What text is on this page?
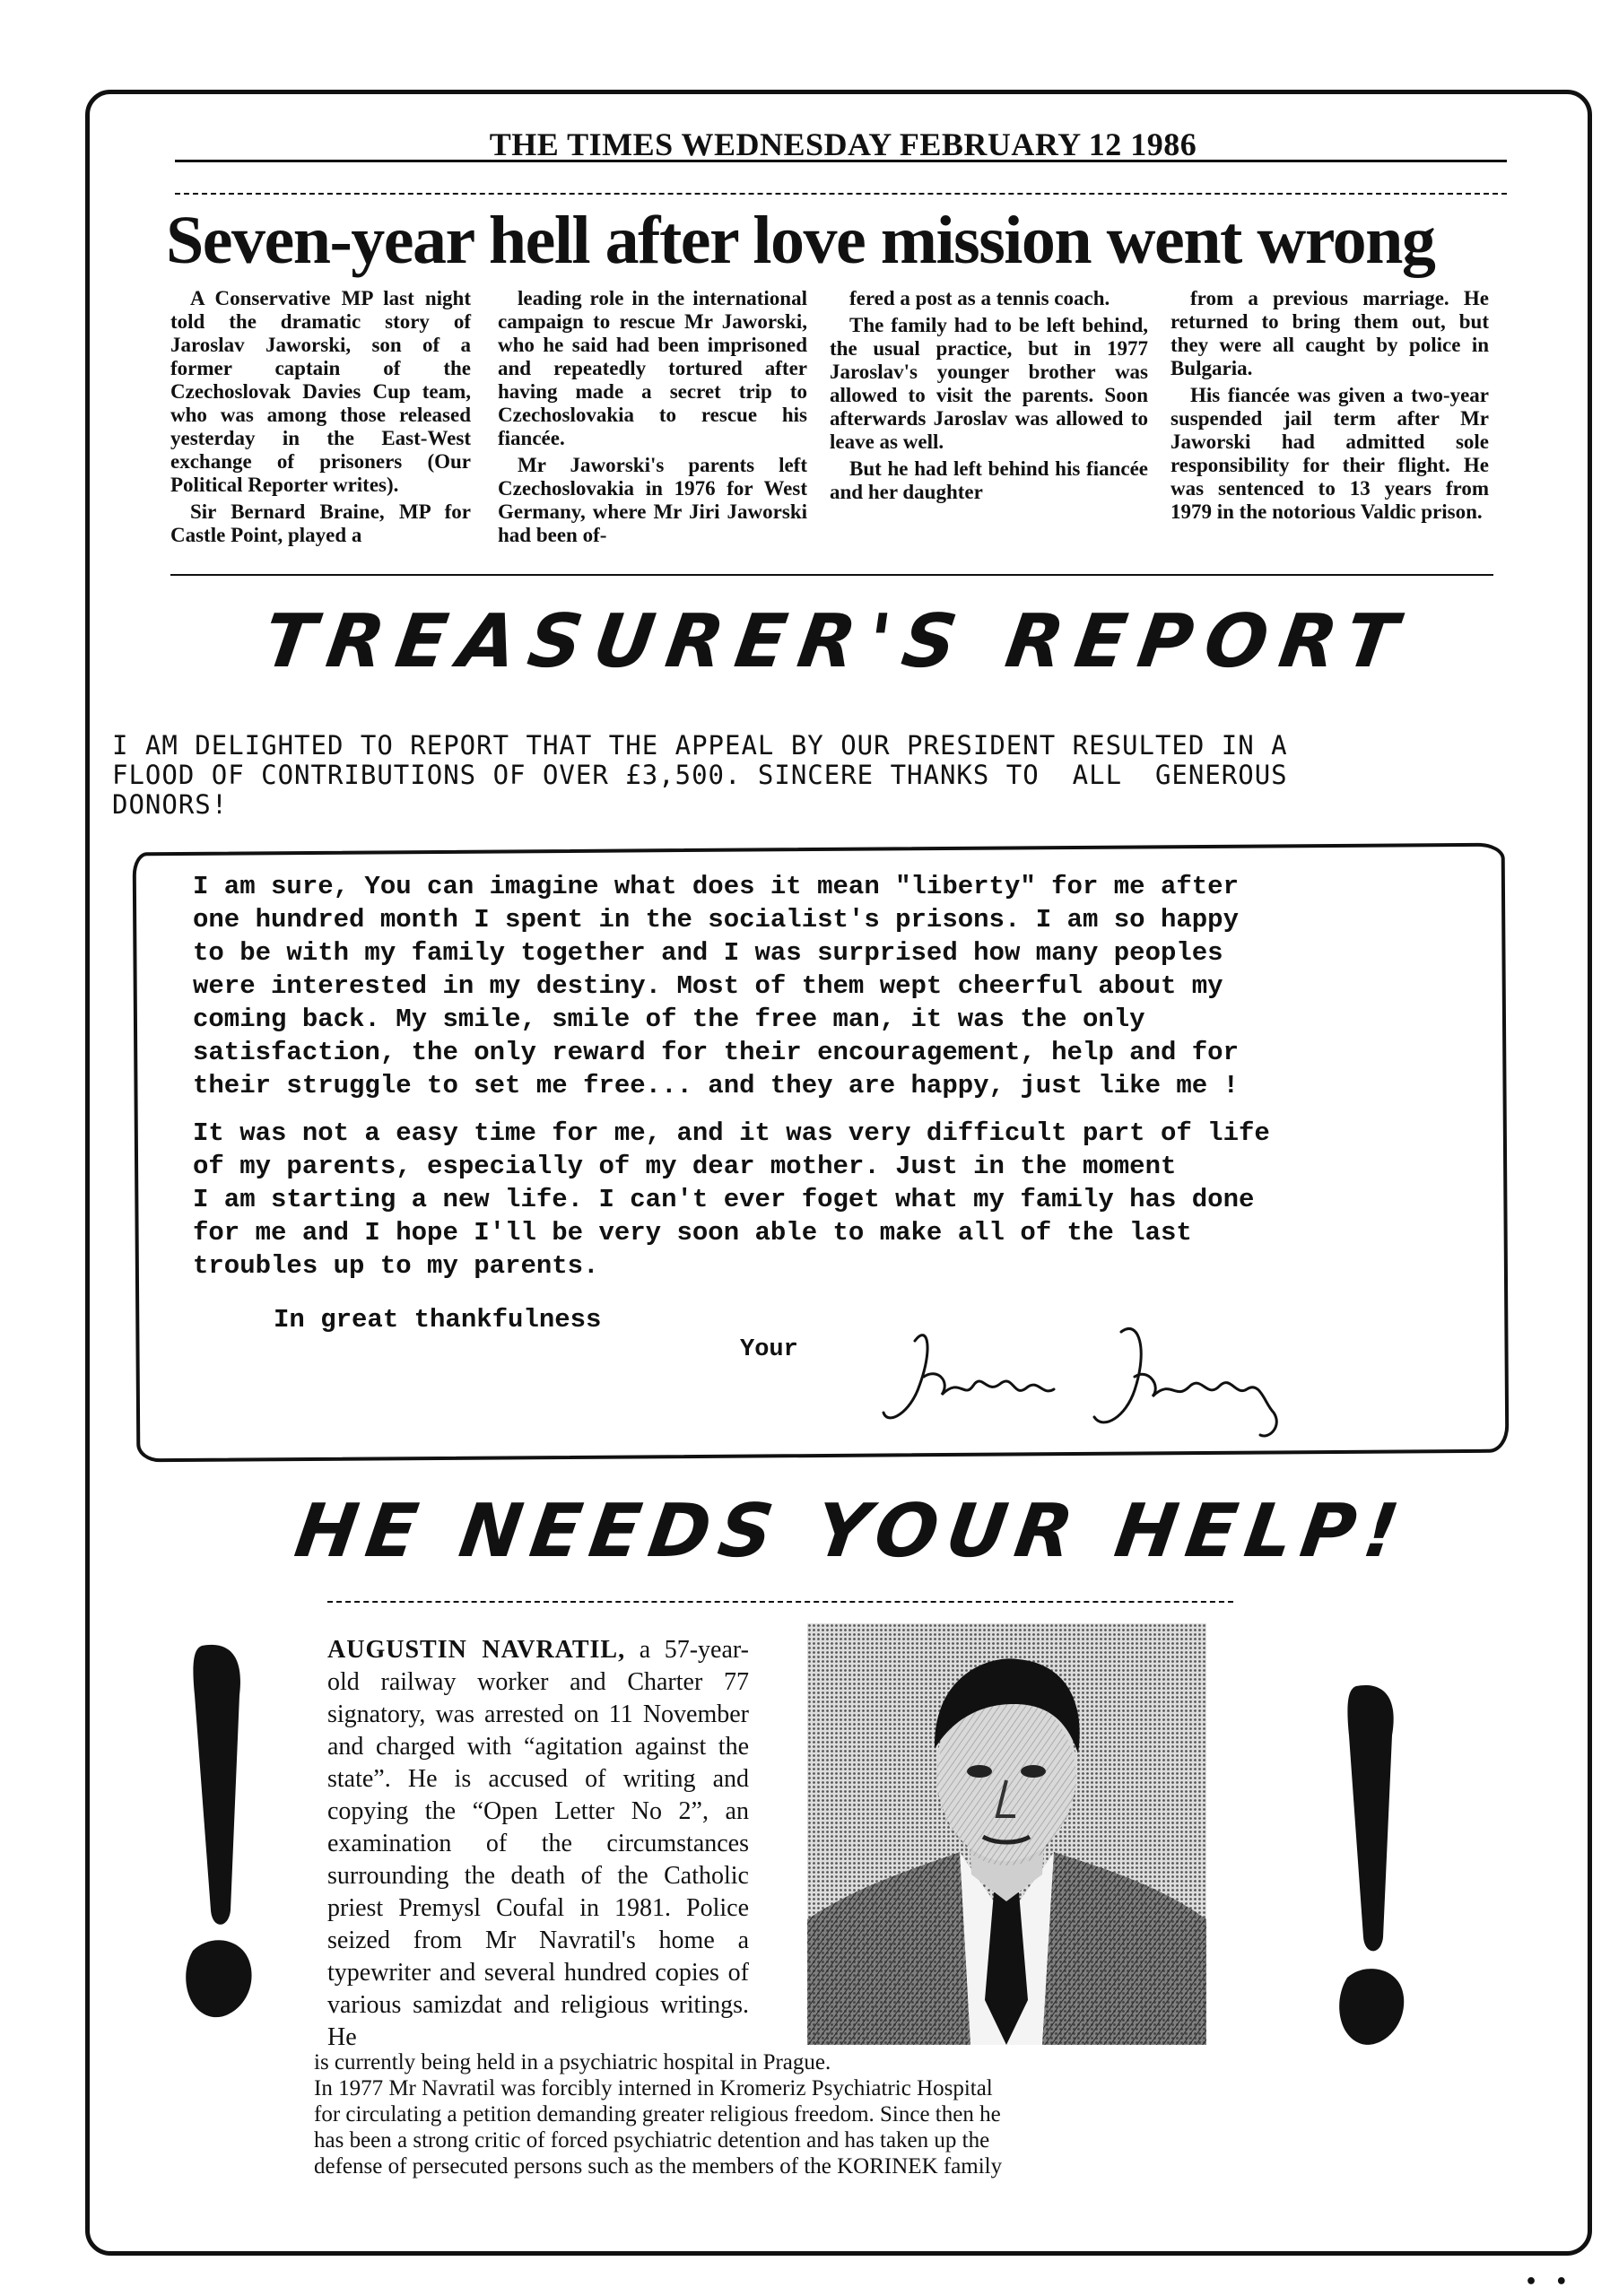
THE TIMES WEDNESDAY FEBRUARY 12 1986
Seven-year hell after love mission went wrong

A Conservative MP last night told the dramatic story of Jaroslav Jaworski, son of a former captain of the Czechoslovak Davies Cup team, who was among those released yesterday in the East-West exchange of prisoners (Our Political Reporter writes).

Sir Bernard Braine, MP for Castle Point, played a

leading role in the international campaign to rescue Mr Jaworski, who he said had been imprisoned and repeatedly tortured after having made a secret trip to Czechoslovakia to rescue his fiancée.

Mr Jaworski's parents left Czechoslovakia in 1976 for West Germany, where Mr Jiri Jaworski had been of-

fered a post as a tennis coach.

The family had to be left behind, the usual practice, but in 1977 Jaroslav's younger brother was allowed to visit the parents. Soon afterwards Jaroslav was allowed to leave as well.

But he had left behind his fiancée and her daughter

from a previous marriage. He returned to bring them out, but they were all caught by police in Bulgaria.

His fiancée was given a two-year suspended jail term after Mr Jaworski had admitted sole responsibility for their flight. He was sentenced to 13 years from 1979 in the notorious Valdic prison.

TREASURER'S REPORT
I AM DELIGHTED TO REPORT THAT THE APPEAL BY OUR PRESIDENT RESULTED IN A
FLOOD OF CONTRIBUTIONS OF OVER £3,500. SINCERE THANKS TO  ALL  GENEROUS
DONORS!

I am sure, You can imagine what does it mean "liberty" for me after
one hundred month I spent in the socialist's prisons. I am so happy
to be with my family together and I was surprised how many peoples
were interested in my destiny. Most of them wept cheerful about my
coming back. My smile, smile of the free man, it was the only
satisfaction, the only reward for their encouragement, help and for
their struggle to set me free... and they are happy, just like me !

It was not a easy time for me, and it was very difficult part of life
of my parents, especially of my dear mother. Just in the moment
I am starting a new life. I can't ever foget what my family has done
for me and I hope I'll be very soon able to make all of the last
troubles up to my parents.

In great thankfulness
Your
HE NEEDS YOUR HELP!
AUGUSTIN NAVRATIL, a 57-year-old railway worker and Charter 77 signatory, was arrested on 11 November and charged with “agitation against the state”. He is accused of writing and copying the “Open Letter No 2”, an examination of the circumstances surrounding the death of the Catholic priest Premysl Coufal in 1981. Police seized from Mr Navratil's home a typewriter and several hundred copies of various samizdat and religious writings. He
is currently being held in a psychiatric hospital in Prague.
In 1977 Mr Navratil was forcibly interned in Kromeriz Psychiatric Hospital
for circulating a petition demanding greater religious freedom. Since then he
has been a strong critic of forced psychiatric detention and has taken up the
defense of persecuted persons such as the members of the KORINEK family
• •
